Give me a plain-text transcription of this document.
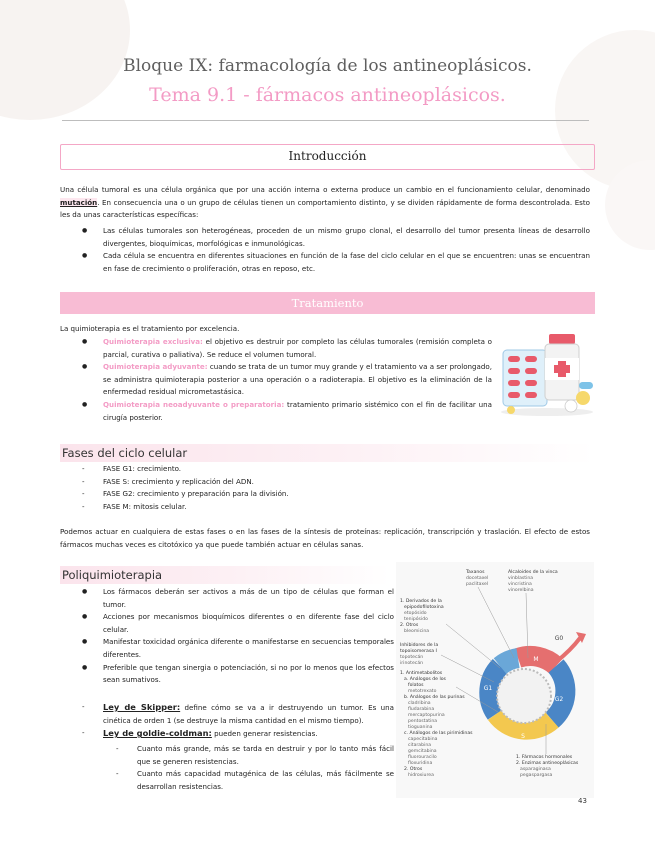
Bloque IX: farmacología de los antineoplásicos.
Tema 9.1 - fármacos antineoplásicos.
Introducción

Una célula tumoral es una célula orgánica que por una acción interna o externa produce un cambio en el funcionamiento celular, denominado mutación. En consecuencia una o un grupo de células tienen un comportamiento distinto, y se dividen rápidamente de forma descontrolada. Esto les da unas características específicas:

● Las células tumorales son heterogéneas, proceden de un mismo grupo clonal, el desarrollo del tumor presenta líneas de desarrollo divergentes, bioquímicas, morfológicas e inmunológicas.
● Cada célula se encuentra en diferentes situaciones en función de la fase del ciclo celular en el que se encuentren: unas se encuentran en fase de crecimiento o proliferación, otras en reposo, etc.
Tratamiento

La quimioterapia es el tratamiento por excelencia.

● Quimioterapia exclusiva: el objetivo es destruir por completo las células tumorales (remisión completa o parcial, curativa o paliativa). Se reduce el volumen tumoral.
● Quimioterapia adyuvante: cuando se trata de un tumor muy grande y el tratamiento va a ser prolongado, se administra quimioterapia posterior a una operación o a radioterapia. El objetivo es la eliminación de la enfermedad residual micrometastásica.
● Quimioterapia neoadyuvante o preparatoria: tratamiento primario sistémico con el fin de facilitar una cirugía posterior.
Fases del ciclo celular
- FASE G1: crecimiento.
- FASE S: crecimiento y replicación del ADN.
- FASE G2: crecimiento y preparación para la división.
- FASE M: mitosis celular.

Podemos actuar en cualquiera de estas fases o en las fases de la síntesis de proteínas: replicación, transcripción y traslación. El efecto de estos fármacos muchas veces es citotóxico ya que puede también actuar en células sanas.

Poliquimioterapia
● Los fármacos deberán ser activos a más de un tipo de células que forman el tumor.
● Acciones por mecanismos bioquímicos diferentes o en diferente fase del ciclo celular.
● Manifestar toxicidad orgánica diferente o manifestarse en secuencias temporales diferentes.
● Preferible que tengan sinergia o potenciación, si no por lo menos que los efectos sean sumativos.
- Ley de Skipper: define cómo se va a ir destruyendo un tumor. Es una cinética de orden 1 (se destruye la misma cantidad en el mismo tiempo).
- Ley de goldie-coldman: pueden generar resistencias.
- Cuanto más grande, más se tarda en destruir y por lo tanto más fácil que se generen resistencias.
- Cuanto más capacidad mutagénica de las células, más fácilmente se desarrollan resistencias.
M
G2
S
G1
G0
Taxanos
docetaxel
paclitaxel
Alcaloides de la vinca
vinblastina
vincristina
vinorelbina
1. Derivados de la
epipodofilotoxina
etopósido
tenipósido
2. Otros
bleomicina
Inhibidores de la
topoisomerasa I
topotecán
irinotecán
1. Antimetabolitos
a. Análogos de los
folatos
metotrexato
b. Análogos de las purinas
cladribina
fludarabina
mercaptopurina
pentostatina
tioguanina
c. Análogos de las pirimidinas
capecitabina
citarabina
gemcitabina
fluorouracilo
floxuridina
2. Otros
hidroxiurea
1. Fármacos hormonales
2. Enzimas antineoplásicas
asparaginasa
pegaspargasa
43
